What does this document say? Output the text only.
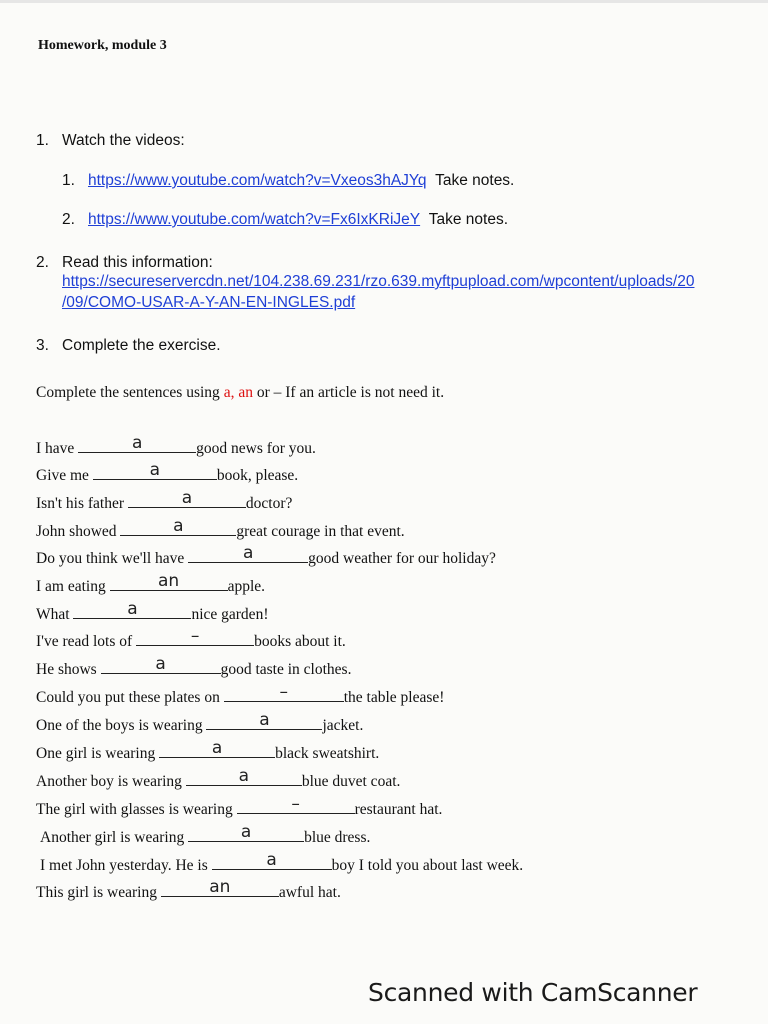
Homework, module 3
1. Watch the videos:
1. https://www.youtube.com/watch?v=Vxeos3hAJYq Take notes.
2. https://www.youtube.com/watch?v=Fx6IxKRiJeY Take notes.
2. Read this information:
https://secureservercdn.net/104.238.69.231/rzo.639.myftpupload.com/wpcontent/uploads/20
/09/COMO-USAR-A-Y-AN-EN-INGLES.pdf
3. Complete the exercise.
Complete the sentences using a, an or – If an article is not need it.
I have	a	good news for you.
Give me	a	book, please.
Isn't his father	a	doctor?
John showed	a	great courage in that event.
Do you think we'll have	a	good weather for our holiday?
I am eating	an	apple.
What	a	nice garden!
I've read lots of	–	books about it.
He shows	a	good taste in clothes.
Could you put these plates on	–	the table please!
One of the boys is wearing	a	jacket.
One girl is wearing	a	black sweatshirt.
Another boy is wearing	a	blue duvet coat.
The girl with glasses is wearing	–	restaurant hat.
Another girl is wearing	a	blue dress.
I met John yesterday. He is	a	boy I told you about last week.
This girl is wearing	an	awful hat.
Scanned with CamScanner
